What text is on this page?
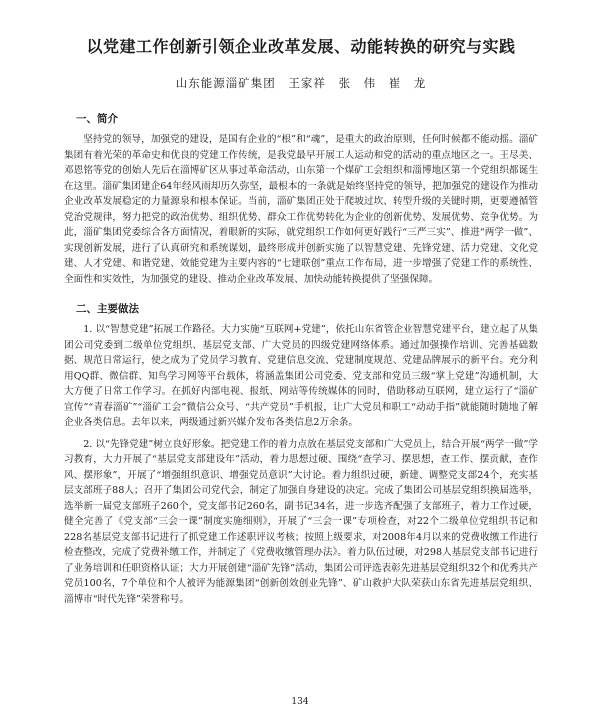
以党建工作创新引领企业改革发展、动能转换的研究与实践
山东能源淄矿集团 王家祥 张　伟 崔　龙
一、简介

坚持党的领导，加强党的建设，是国有企业的“根”和“魂”，是重大的政治原则，任何时候都不能动摇。淄矿集团有着光荣的革命史和优良的党建工作传统，是我党最早开展工人运动和党的活动的重点地区之一。王尽美、邓恩铭等党的创始人先后在淄博矿区从事过革命活动，山东第一个煤矿工会组织和淄博地区第一个党组织都诞生在这里。淄矿集团建企64年经风雨却历久弥坚，最根本的一条就是始终坚持党的领导，把加强党的建设作为推动企业改革发展稳定的力量源泉和根本保证。当前，淄矿集团正处于爬坡过坎、转型升级的关键时期，更要遵循管党治党规律，努力把党的政治优势、组织优势、群众工作优势转化为企业的创新优势、发展优势、竞争优势。为此，淄矿集团党委综合各方面情况，着眼新的实际，就党组织工作如何更好践行“三严三实”、推进“两学一做”、实现创新发展，进行了认真研究和系统谋划，最终形成并创新实施了以智慧党建、先锋党建、活力党建、文化党建、人才党建、和谐党建、效能党建为主要内容的“七建联创”重点工作布局，进一步增强了党建工作的系统性、全面性和实效性，为加强党的建设、推动企业改革发展、加快动能转换提供了坚强保障。

二、主要做法

1. 以“智慧党建”拓展工作路径。大力实施“互联网+党建”，依托山东省管企业智慧党建平台，建立起了从集团公司党委到二级单位党组织、基层党支部、广大党员的四级党建网络体系。通过加强操作培训、完善基础数据、规范日常运行，使之成为了党员学习教育、党建信息交流、党建制度规范、党建品牌展示的新平台。充分利用QQ群、微信群、知鸟学习网等平台载体，将涵盖集团公司党委、党支部和党员三级“掌上党建”沟通机制，大大方便了日常工作学习。在抓好内部电视、报纸、网站等传统媒体的同时，借助移动互联网，建立运行了“淄矿宣传”“青春淄矿”“淄矿工会”微信公众号、“共产党员”手机报，让广大党员和职工“动动手指”就能随时随地了解企业各类信息。去年以来，两级通过新兴媒介发布各类信息2万余条。

2. 以“先锋党建”树立良好形象。把党建工作的着力点放在基层党支部和广大党员上，结合开展“两学一做”学习教育，大力开展了“基层党支部建设年”活动，着力思想过硬、围绕“查学习、摆思想，查工作、摆贡献，查作风、摆形象”，开展了“增强组织意识、增强党员意识”大讨论。着力组织过硬，新建、调整党支部24个，充实基层支部班子88人；召开了集团公司党代会，制定了加强自身建设的决定。完成了集团公司基层党组织换届选举，选举新一届党支部班子260个，党支部书记260名，副书记34名，进一步选齐配强了支部班子，着力工作过硬，健全完善了《党支部“三会一课”制度实施细则》，开展了“三会一课”专项检查，对22个二级单位党组织书记和228名基层党支部书记进行了抓党建工作述职评议考核；按照上级要求，对2008年4月以来的党费收缴工作进行检查整改，完成了党费补缴工作，并制定了《党费收缴管理办法》。着力队伍过硬，对298人基层党支部书记进行了业务培训和任职资格认证；大力开展创建“淄矿先锋”活动，集团公司评选表彰先进基层党组织32个和优秀共产党员100名，7个单位和个人被评为能源集团“创新创效创业先锋”、矿山救护大队荣获山东省先进基层党组织、淄博市“时代先锋”荣誉称号。

134
